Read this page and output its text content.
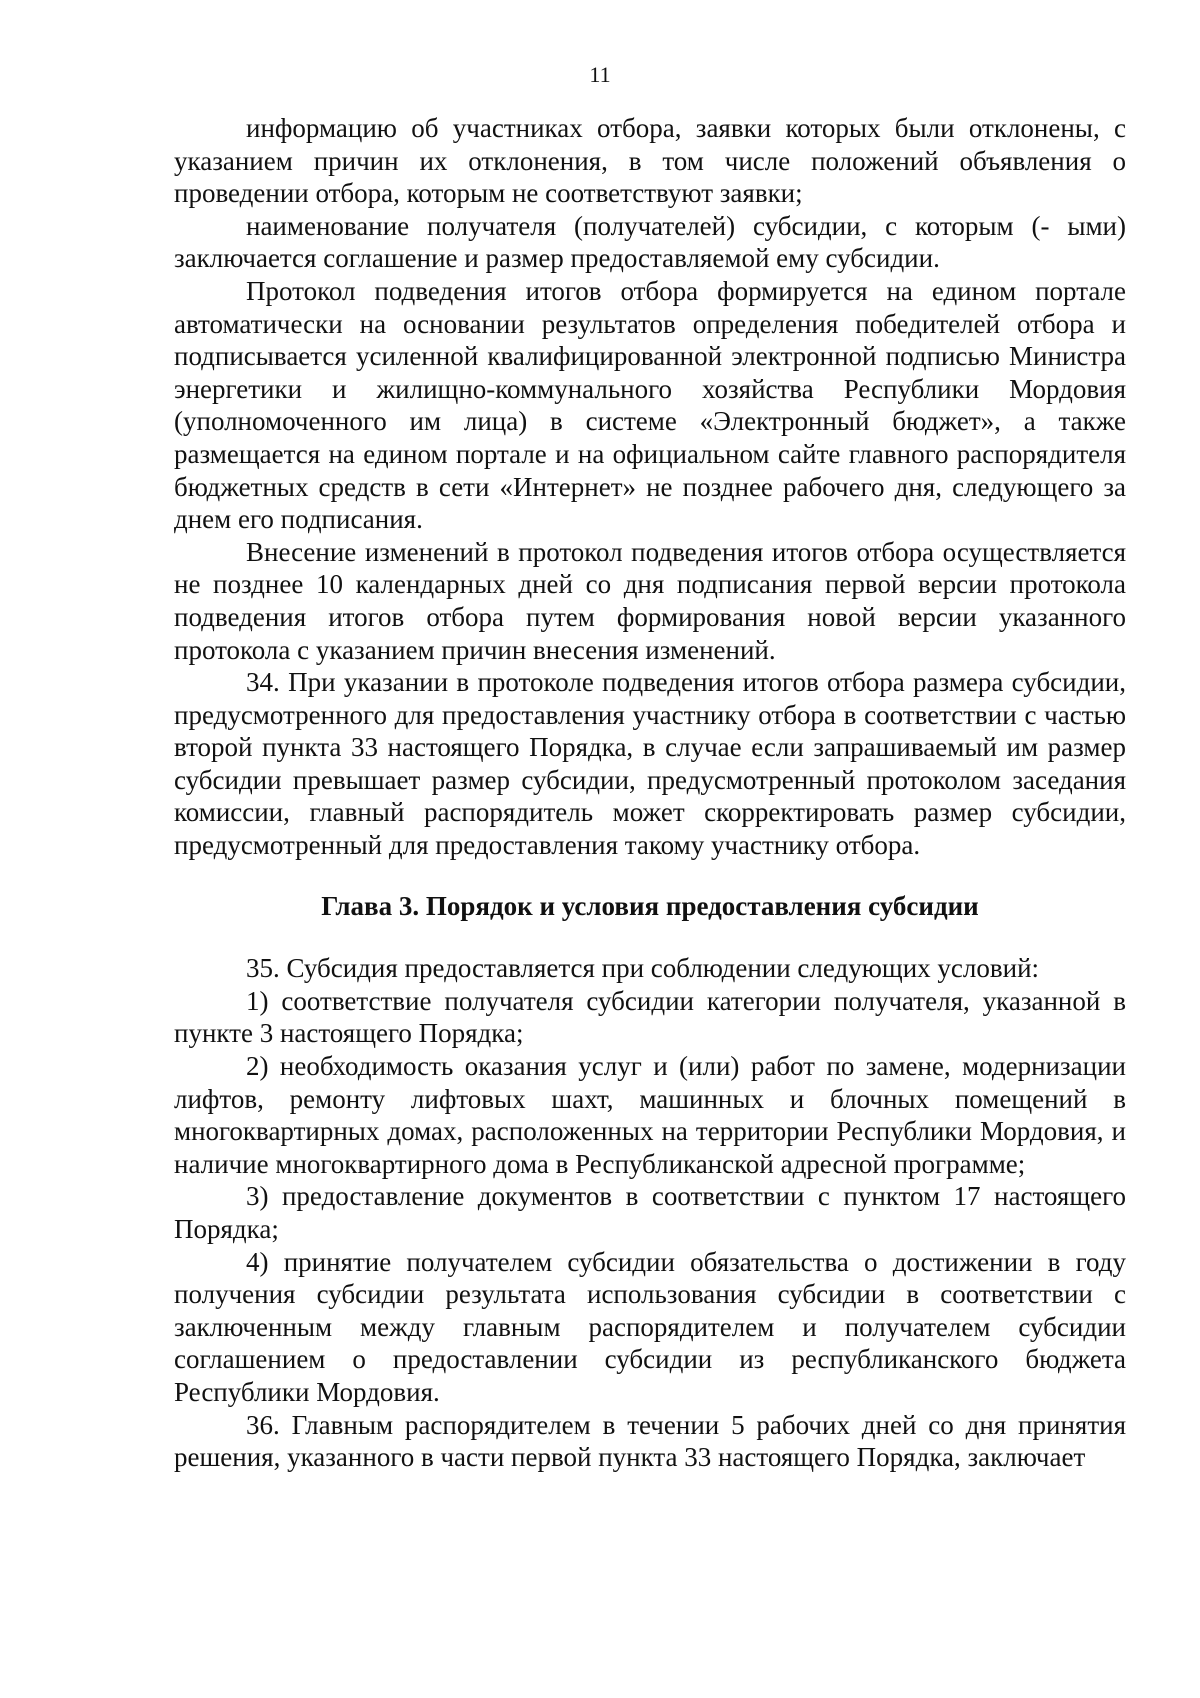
11

информацию об участниках отбора, заявки которых были отклонены, с указанием причин их отклонения, в том числе положений объявления о проведении отбора, которым не соответствуют заявки;

наименование получателя (получателей) субсидии, с которым (- ыми) заключается соглашение и размер предоставляемой ему субсидии.

Протокол подведения итогов отбора формируется на едином портале автоматически на основании результатов определения победителей отбора и подписывается усиленной квалифицированной электронной подписью Министра энергетики и жилищно-коммунального хозяйства Республики Мордовия (уполномоченного им лица) в системе «Электронный бюджет», а также размещается на едином портале и на официальном сайте главного распорядителя бюджетных средств в сети «Интернет» не позднее рабочего дня, следующего за днем его подписания.

Внесение изменений в протокол подведения итогов отбора осуществляется не позднее 10 календарных дней со дня подписания первой версии протокола подведения итогов отбора путем формирования новой версии указанного протокола с указанием причин внесения изменений.

34. При указании в протоколе подведения итогов отбора размера субсидии, предусмотренного для предоставления участнику отбора в соответствии с частью второй пункта 33 настоящего Порядка, в случае если запрашиваемый им размер субсидии превышает размер субсидии, предусмотренный протоколом заседания комиссии, главный распорядитель может скорректировать размер субсидии, предусмотренный для предоставления такому участнику отбора.

Глава 3. Порядок и условия предоставления субсидии

35. Субсидия предоставляется при соблюдении следующих условий:

1) соответствие получателя субсидии категории получателя, указанной в пункте 3 настоящего Порядка;

2) необходимость оказания услуг и (или) работ по замене, модернизации лифтов, ремонту лифтовых шахт, машинных и блочных помещений в многоквартирных домах, расположенных на территории Республики Мордовия, и наличие многоквартирного дома в Республиканской адресной программе;

3) предоставление документов в соответствии с пунктом 17 настоящего Порядка;

4) принятие получателем субсидии обязательства о достижении в году получения субсидии результата использования субсидии в соответствии с заключенным между главным распорядителем и получателем субсидии соглашением о предоставлении субсидии из республиканского бюджета Республики Мордовия.

36. Главным распорядителем в течении 5 рабочих дней со дня принятия решения, указанного в части первой пункта 33 настоящего Порядка, заключает
